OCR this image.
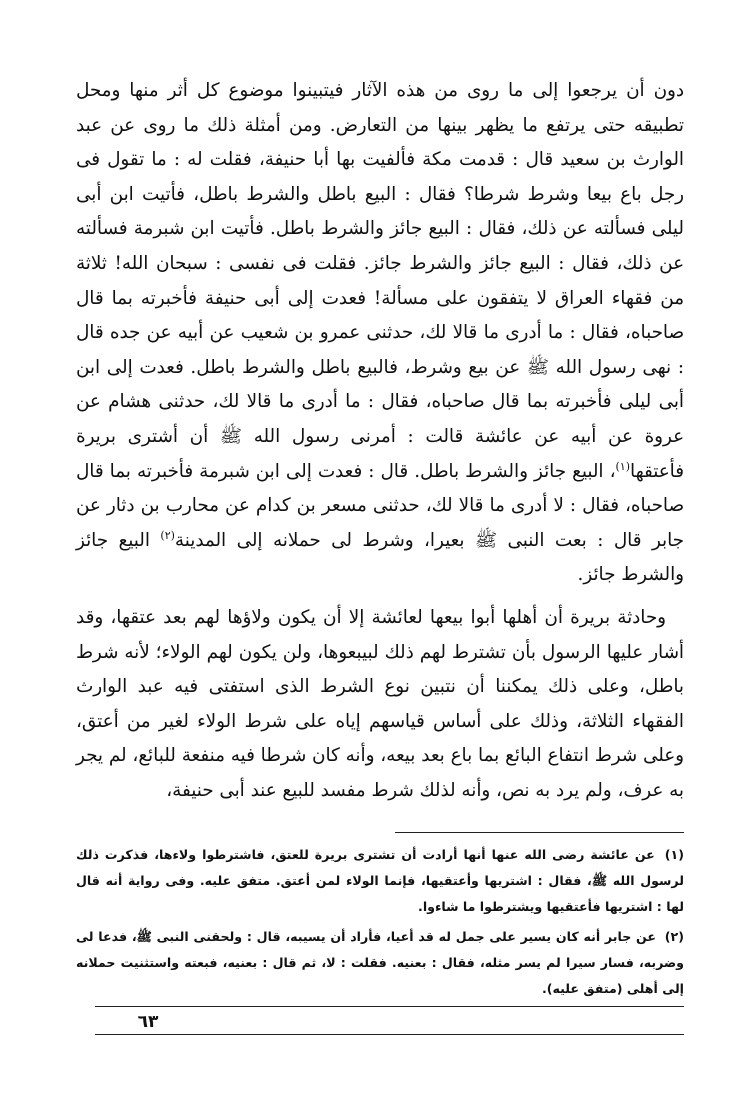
دون أن يرجعوا إلى ما روى من هذه الآثار فيتبينوا موضوع كل أثر منها ومحل تطبيقه حتى يرتفع ما يظهر بينها من التعارض. ومن أمثلة ذلك ما روى عن عبد الوارث بن سعيد قال : قدمت مكة فألفيت بها أبا حنيفة، فقلت له : ما تقول فى رجل باع بيعا وشرط شرطا؟ فقال : البيع باطل والشرط باطل، فأتيت ابن أبى ليلى فسألته عن ذلك، فقال : البيع جائز والشرط باطل. فأتيت ابن شبرمة فسألته عن ذلك، فقال : البيع جائز والشرط جائز. فقلت فى نفسى : سبحان الله! ثلاثة من فقهاء العراق لا يتفقون على مسألة! فعدت إلى أبى حنيفة فأخبرته بما قال صاحباه، فقال : ما أدرى ما قالا لك، حدثنى عمرو بن شعيب عن أبيه عن جده قال : نهى رسول الله ﷺ عن بيع وشرط، فالبيع باطل والشرط باطل. فعدت إلى ابن أبى ليلى فأخبرته بما قال صاحباه، فقال : ما أدرى ما قالا لك، حدثنى هشام عن عروة عن أبيه عن عائشة قالت : أمرنى رسول الله ﷺ أن أشترى بريرة فأعتقها$^{(١)}$، البيع جائز والشرط باطل. قال : فعدت إلى ابن شبرمة فأخبرته بما قال صاحباه، فقال : لا أدرى ما قالا لك، حدثنى مسعر بن كدام عن محارب بن دثار عن جابر قال : بعت النبى ﷺ بعيرا، وشرط لى حملانه إلى المدينة$^{(٢)}$ البيع جائز والشرط جائز.

وحادثة بريرة أن أهلها أبوا بيعها لعائشة إلا أن يكون ولاؤها لهم بعد عتقها، وقد أشار عليها الرسول بأن تشترط لهم ذلك لبيبعوها، ولن يكون لهم الولاء؛ لأنه شرط باطل، وعلى ذلك يمكننا أن نتبين نوع الشرط الذى استفتى فيه عبد الوارث الفقهاء الثلاثة، وذلك على أساس قياسهم إياه على شرط الولاء لغير من أعتق، وعلى شرط انتفاع البائع بما باع بعد بيعه، وأنه كان شرطا فيه منفعة للبائع، لم يجر به عرف، ولم يرد به نص، وأنه لذلك شرط مفسد للبيع عند أبى حنيفة،

(١) عن عائشة رضى الله عنها أنها أرادت أن تشترى بريرة للعتق، فاشترطوا ولاءها، فذكرت ذلك لرسول الله ﷺ، فقال : اشتريها وأعتقيها، فإنما الولاء لمن أعتق. متفق عليه. وفى رواية أنه قال لها : اشتريها فأعتقيها ويشترطوا ما شاءوا.

(٢) عن جابر أنه كان يسير على جمل له قد أعيا، فأراد أن يسيبه، قال : ولحقنى النبى ﷺ، فدعا لى وضربه، فسار سيرا لم يسر مثله، فقال : بعنيه. فقلت : لا، ثم قال : بعنيه، فبعته واستثنيت حملانه إلى أهلى (متفق عليه).

٦٣
